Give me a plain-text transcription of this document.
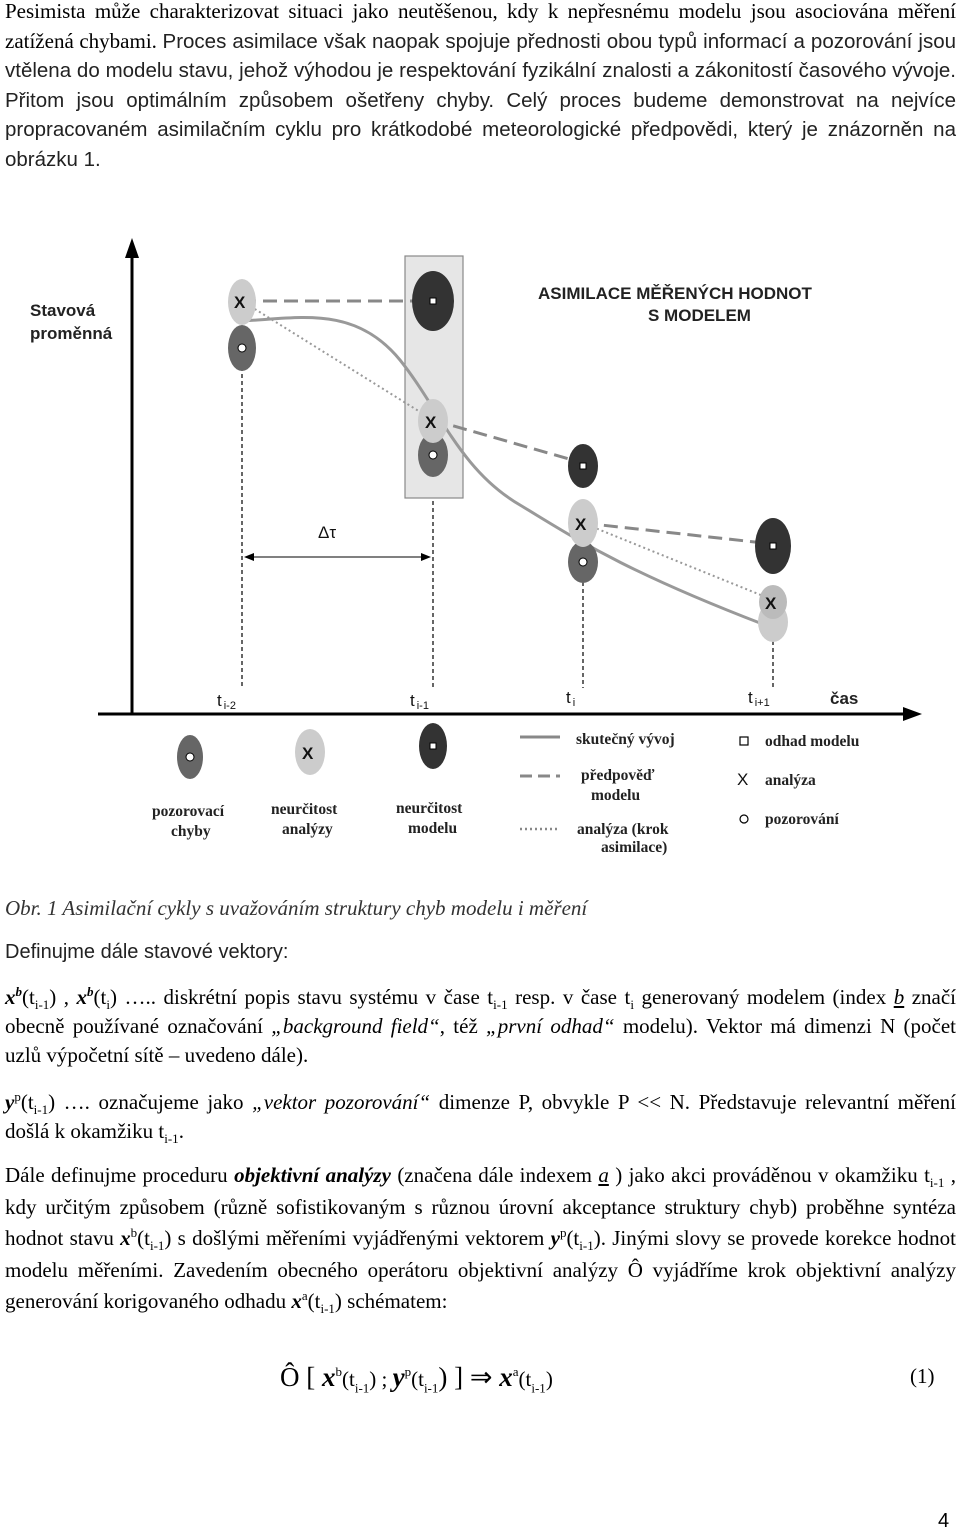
Pesimista může charakterizovat situaci jako neutěšenou, kdy k nepřesnému modelu jsou asociována měření zatížená chybami. Proces asimilace však naopak spojuje přednosti obou typů informací a pozorování jsou vtělena do modelu stavu, jehož výhodou je respektování fyzikální znalosti a zákonitostí časového vývoje. Přitom jsou optimálním způsobem ošetřeny chyby. Celý proces budeme demonstrovat na nejvíce propracovaném asimilačním cyklu pro krátkodobé meteorologické předpovědi, který je znázorněn na obrázku 1.

Stavová
proměnná
ASIMILACE MĚŘENÝCH HODNOT
S MODELEM
Δτ
X
X
X
X
ti-2	ti-1	ti	ti+1	čas
X
pozorovací
chyby
neurčitost
analýzy
neurčitost
modelu
skutečný vývoj
předpověď
modelu
analýza (krok
asimilace)
odhad modelu
X analýza
pozorování
Obr. 1 Asimilační cykly s uvažováním struktury chyb modelu i měření
Definujme dále stavové vektory:

$x^b(t_{i-1})$ , $x^b(t_i)$ ….. diskrétní popis stavu systému v čase $t_{i-1}$ resp. v čase $t_i$ generovaný modelem (index b značí obecně používané označování „background field“, též „první odhad“ modelu). Vektor má dimenzi N (počet uzlů výpočetní sítě – uvedeno dále).

$y^p(t_{i-1})$ …. označujeme jako „vektor pozorování“ dimenze P, obvykle P << N. Představuje relevantní měření došlá k okamžiku $t_{i-1}$.

Dále definujme proceduru objektivní analýzy (značena dále indexem a ) jako akci prováděnou v okamžiku $t_{i-1}$ , kdy určitým způsobem (různě sofistikovaným s různou úrovní akceptance struktury chyb) proběhne syntéza hodnot stavu $x^b(t_{i-1})$ s došlými měřeními vyjádřenými vektorem $y^p(t_{i-1})$. Jinými slovy se provede korekce hodnot modelu měřeními. Zavedením obecného operátoru objektivní analýzy Ô vyjádříme krok objektivní analýzy generování korigovaného odhadu $x^a(t_{i-1})$ schématem:

Ô [ $x^b(t_{i-1})$ ; $y^p(t_{i-1})$ ] ⇒ $x^a(t_{i-1})$	(1)
4
